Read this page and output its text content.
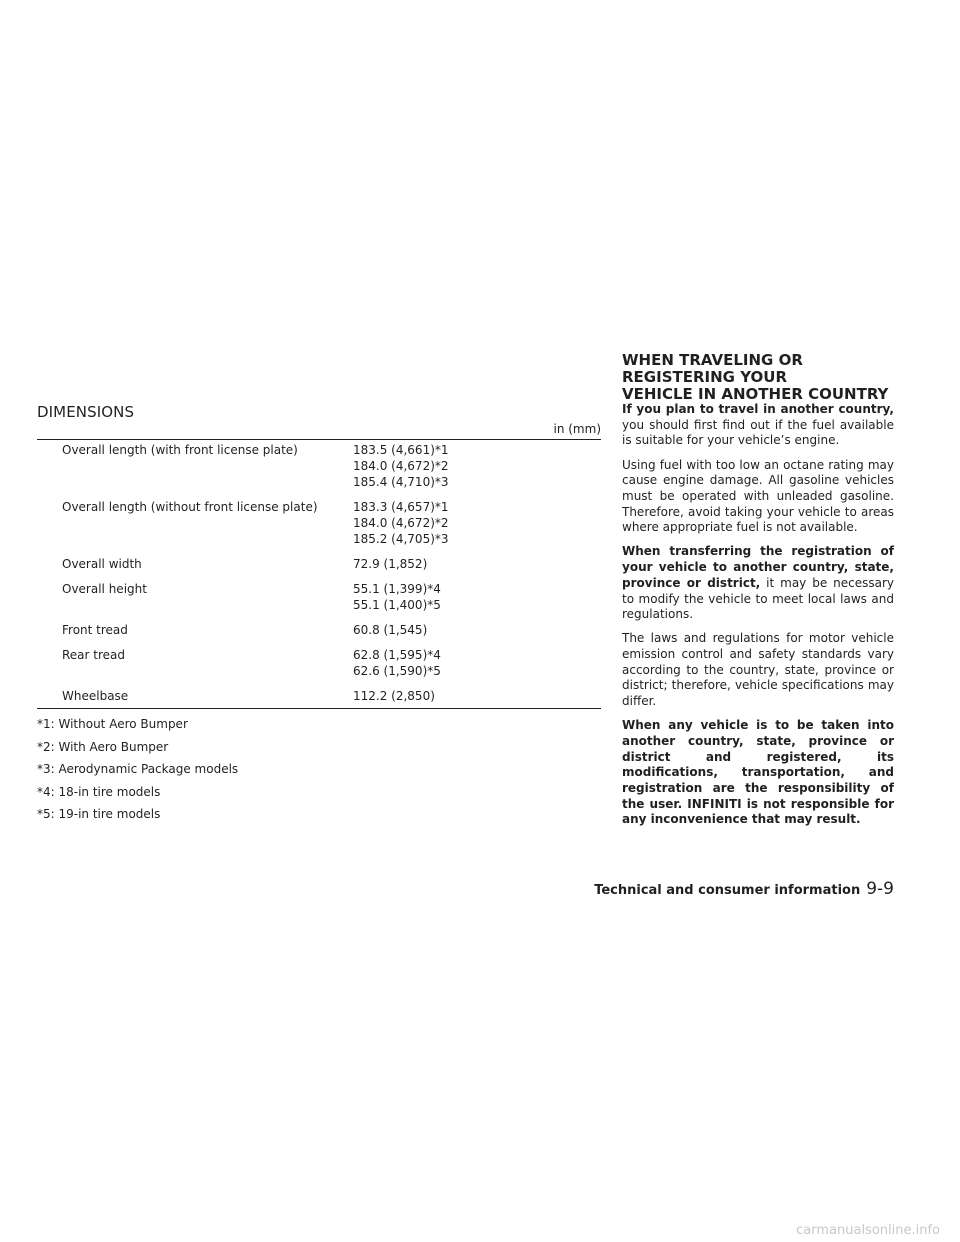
DIMENSIONS
in (mm)
Overall length (with front license plate)	183.5 (4,661)*1
184.0 (4,672)*2
185.4 (4,710)*3

Overall length (without front license plate)	183.3 (4,657)*1
184.0 (4,672)*2
185.2 (4,705)*3

Overall width	72.9 (1,852)

Overall height	55.1 (1,399)*4
55.1 (1,400)*5

Front tread	60.8 (1,545)

Rear tread	62.8 (1,595)*4
62.6 (1,590)*5

Wheelbase	112.2 (2,850)
*1: Without Aero Bumper
*2: With Aero Bumper
*3: Aerodynamic Package models
*4: 18-in tire models
*5: 19-in tire models
WHEN TRAVELING OR REGISTERING YOUR
VEHICLE IN ANOTHER COUNTRY

If you plan to travel in another country, you should first find out if the fuel available is suitable for your vehicle’s engine.

Using fuel with too low an octane rating may cause engine damage. All gasoline vehicles must be operated with unleaded gasoline. Therefore, avoid taking your vehicle to areas where appropriate fuel is not available.

When transferring the registration of your vehicle to another country, state, province or district, it may be necessary to modify the vehicle to meet local laws and regulations.

The laws and regulations for motor vehicle emission control and safety standards vary according to the country, state, province or district; therefore, vehicle specifications may differ.

When any vehicle is to be taken into another country, state, province or district and registered, its modifications, transportation, and registration are the responsibility of the user. INFINITI is not responsible for any inconvenience that may result.

Technical and consumer information 9-9
carmanualsonline.info
